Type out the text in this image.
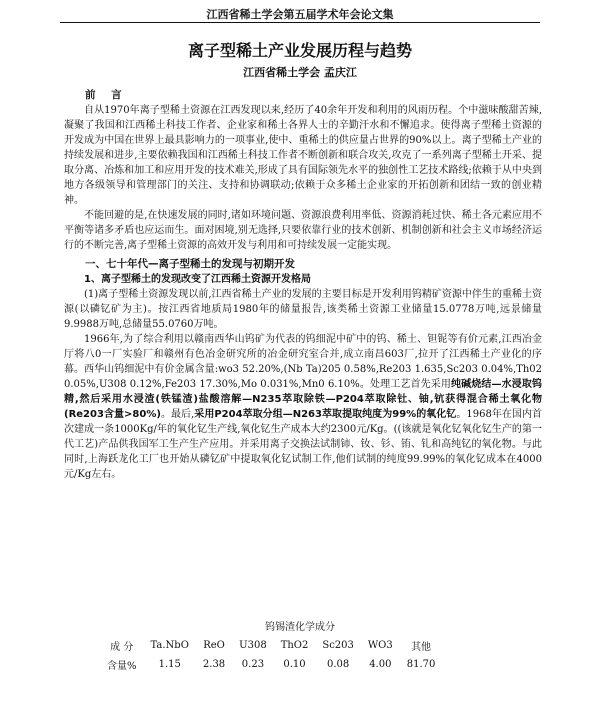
江西省稀土学会第五届学术年会论文集
离子型稀土产业发展历程与趋势
江西省稀土学会 孟庆江

前 言

自从1970年离子型稀土资源在江西发现以来,经历了40余年开发和利用的风雨历程。个中滋味酸甜苦辣,凝聚了我国和江西稀土科技工作者、企业家和稀土各界人士的辛勤汗水和不懈追求。使得离子型稀土资源的开发成为中国在世界上最具影响力的一项事业,使中、重稀土的供应量占世界的90%以上。离子型稀土产业的持续发展和进步,主要依赖我国和江西稀土科技工作者不断创新和联合攻关,攻克了一系列离子型稀土开采、提取分离、冶炼和加工和应用开发的技术难关,形成了具有国际领先水平的独创性工艺技术路线;依赖于从中央到地方各级领导和管理部门的关注、支持和协调联动;依赖于众多稀土企业家的开拓创新和团结一致的创业精神。

不能回避的是,在快速发展的同时,诸如环境问题、资源浪费利用率低、资源消耗过快、稀土各元素应用不平衡等诸多矛盾也应运而生。面对困境,别无选择,只要依靠行业的技术创新、机制创新和社会主义市场经济运行的不断完善,离子型稀土资源的高效开发与利用和可持续发展一定能实现。

一、七十年代—离子型稀土的发现与初期开发

1、离子型稀土的发现改变了江西稀土资源开发格局

(1)离子型稀土资源发现以前,江西省稀土产业的发展的主要目标是开发利用钨精矿资源中伴生的重稀土资源(以磷钇矿为主)。按江西省地质局1980年的储量报告,该类稀土资源工业储量15.0778万吨,远景储量9.9988万吨,总储量55.0760万吨。

1966年,为了综合利用以赣南西华山钨矿为代表的钨细泥中矿中的钨、稀土、钽铌等有价元素,江西冶金厅将八0一厂实验厂和赣州有色冶金研究所的冶金研究室合并,成立南昌603厂,拉开了江西稀土产业化的序幕。西华山钨细泥中有价金属含量:wo3 52.20%,(Nb Ta)205 0.58%,Re203 1.635,Sc203 0.04%,Th02 0.05%,U308 0.12%,Fe203 17.30%,Mo 0.031%,Mn0 6.10%。处理工艺首先采用纯碱烧结—水浸取钨精,然后采用水浸渣(铁锰渣)盐酸溶解—N235萃取除铁—P204萃取除钍、铀,钪获得混合稀土氧化物(Re203含量>80%)。最后,采用P204萃取分组—N263萃取提取纯度为99%的氧化钇。1968年在国内首次建成一条1000Kg/年的氧化钇生产线,氧化钇生产成本大约2300元/Kg。((该就是氧化钇氧化钇生产的第一代工艺)产品供我国军工生产生产应用。并采用离子交换法试制铈、钕、钐、铕、钆和高纯钇的氧化物。与此同时,上海跃龙化工厂也开始从磷钇矿中提取氧化钇试制工作,他们试制的纯度99.99%的氧化钇成本在4000元/Kg左右。

钨锡渣化学成分
成 分	Ta.NbO	ReO	U308	ThO2	Sc203	WO3	其他
含量%	1.15	2.38	0.23	0.10	0.08	4.00	81.70
